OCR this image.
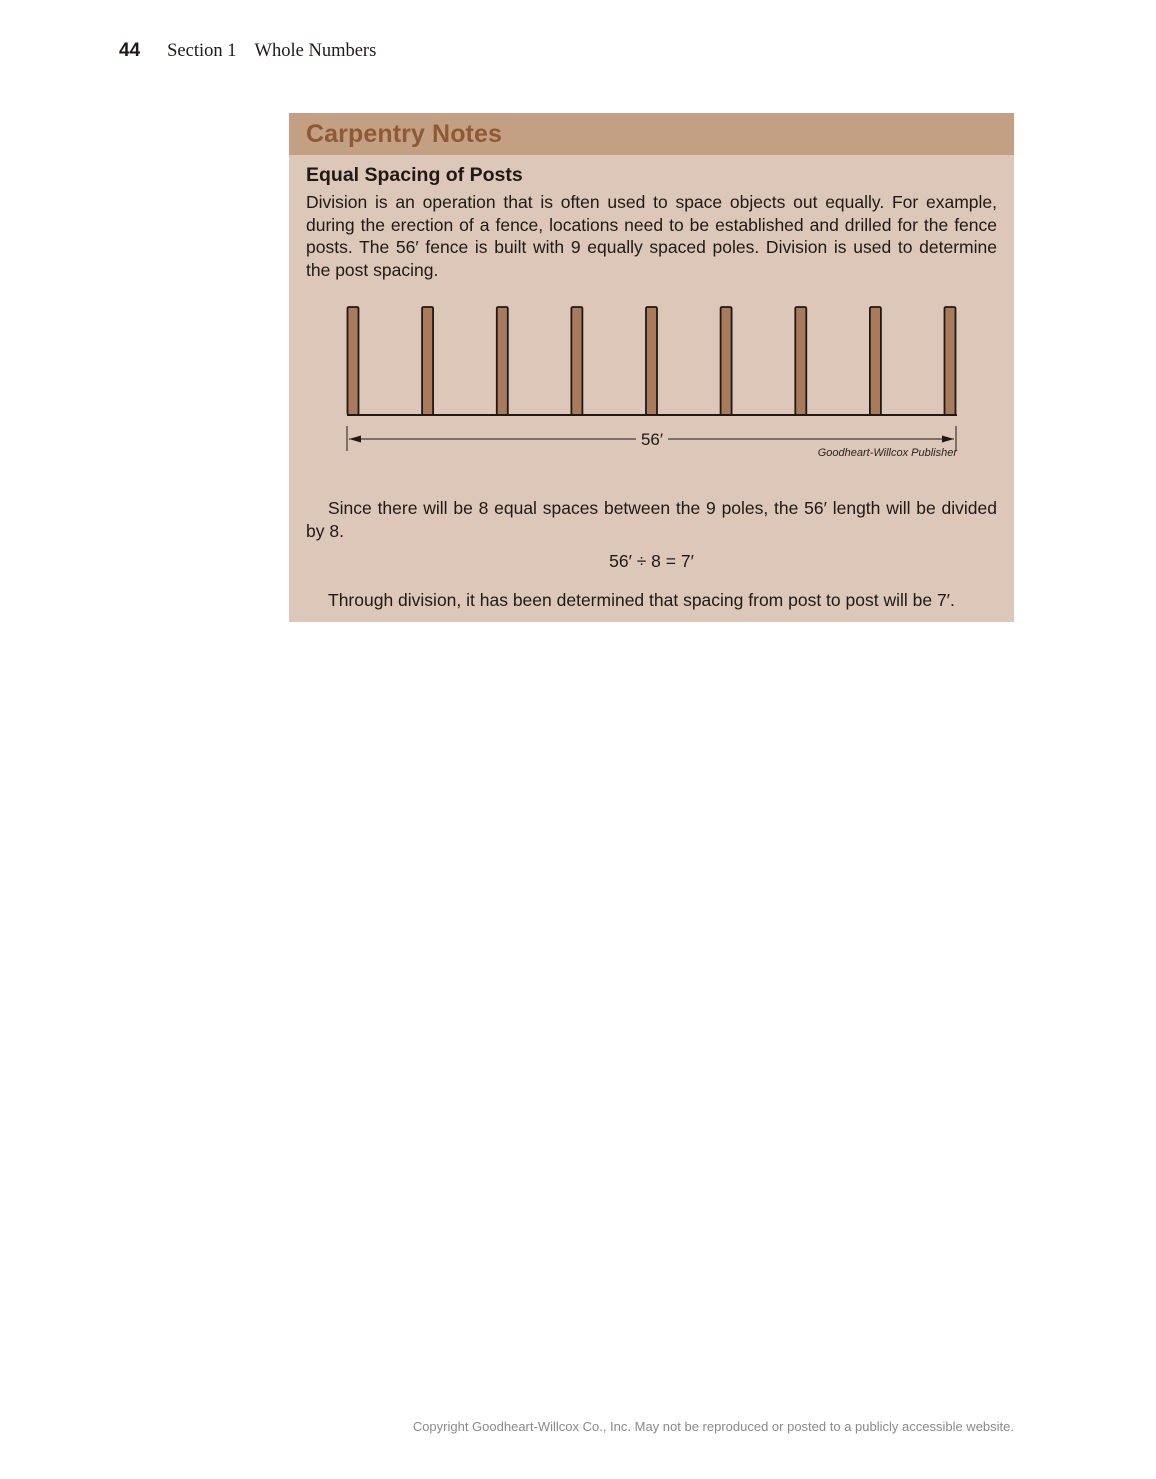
44 Section 1 Whole Numbers
Carpentry Notes
Equal Spacing of Posts
Division is an operation that is often used to space objects out equally. For example, during the erection of a fence, locations need to be established and drilled for the fence posts. The 56′ fence is built with 9 equally spaced poles. Division is used to determine the post spacing.
56′
Goodheart-Willcox Publisher
Since there will be 8 equal spaces between the 9 poles, the 56′ length will be divided by 8.
56′ ÷ 8 = 7′
Through division, it has been determined that spacing from post to post will be 7′.
Copyright Goodheart-Willcox Co., Inc. May not be reproduced or posted to a publicly accessible website.
